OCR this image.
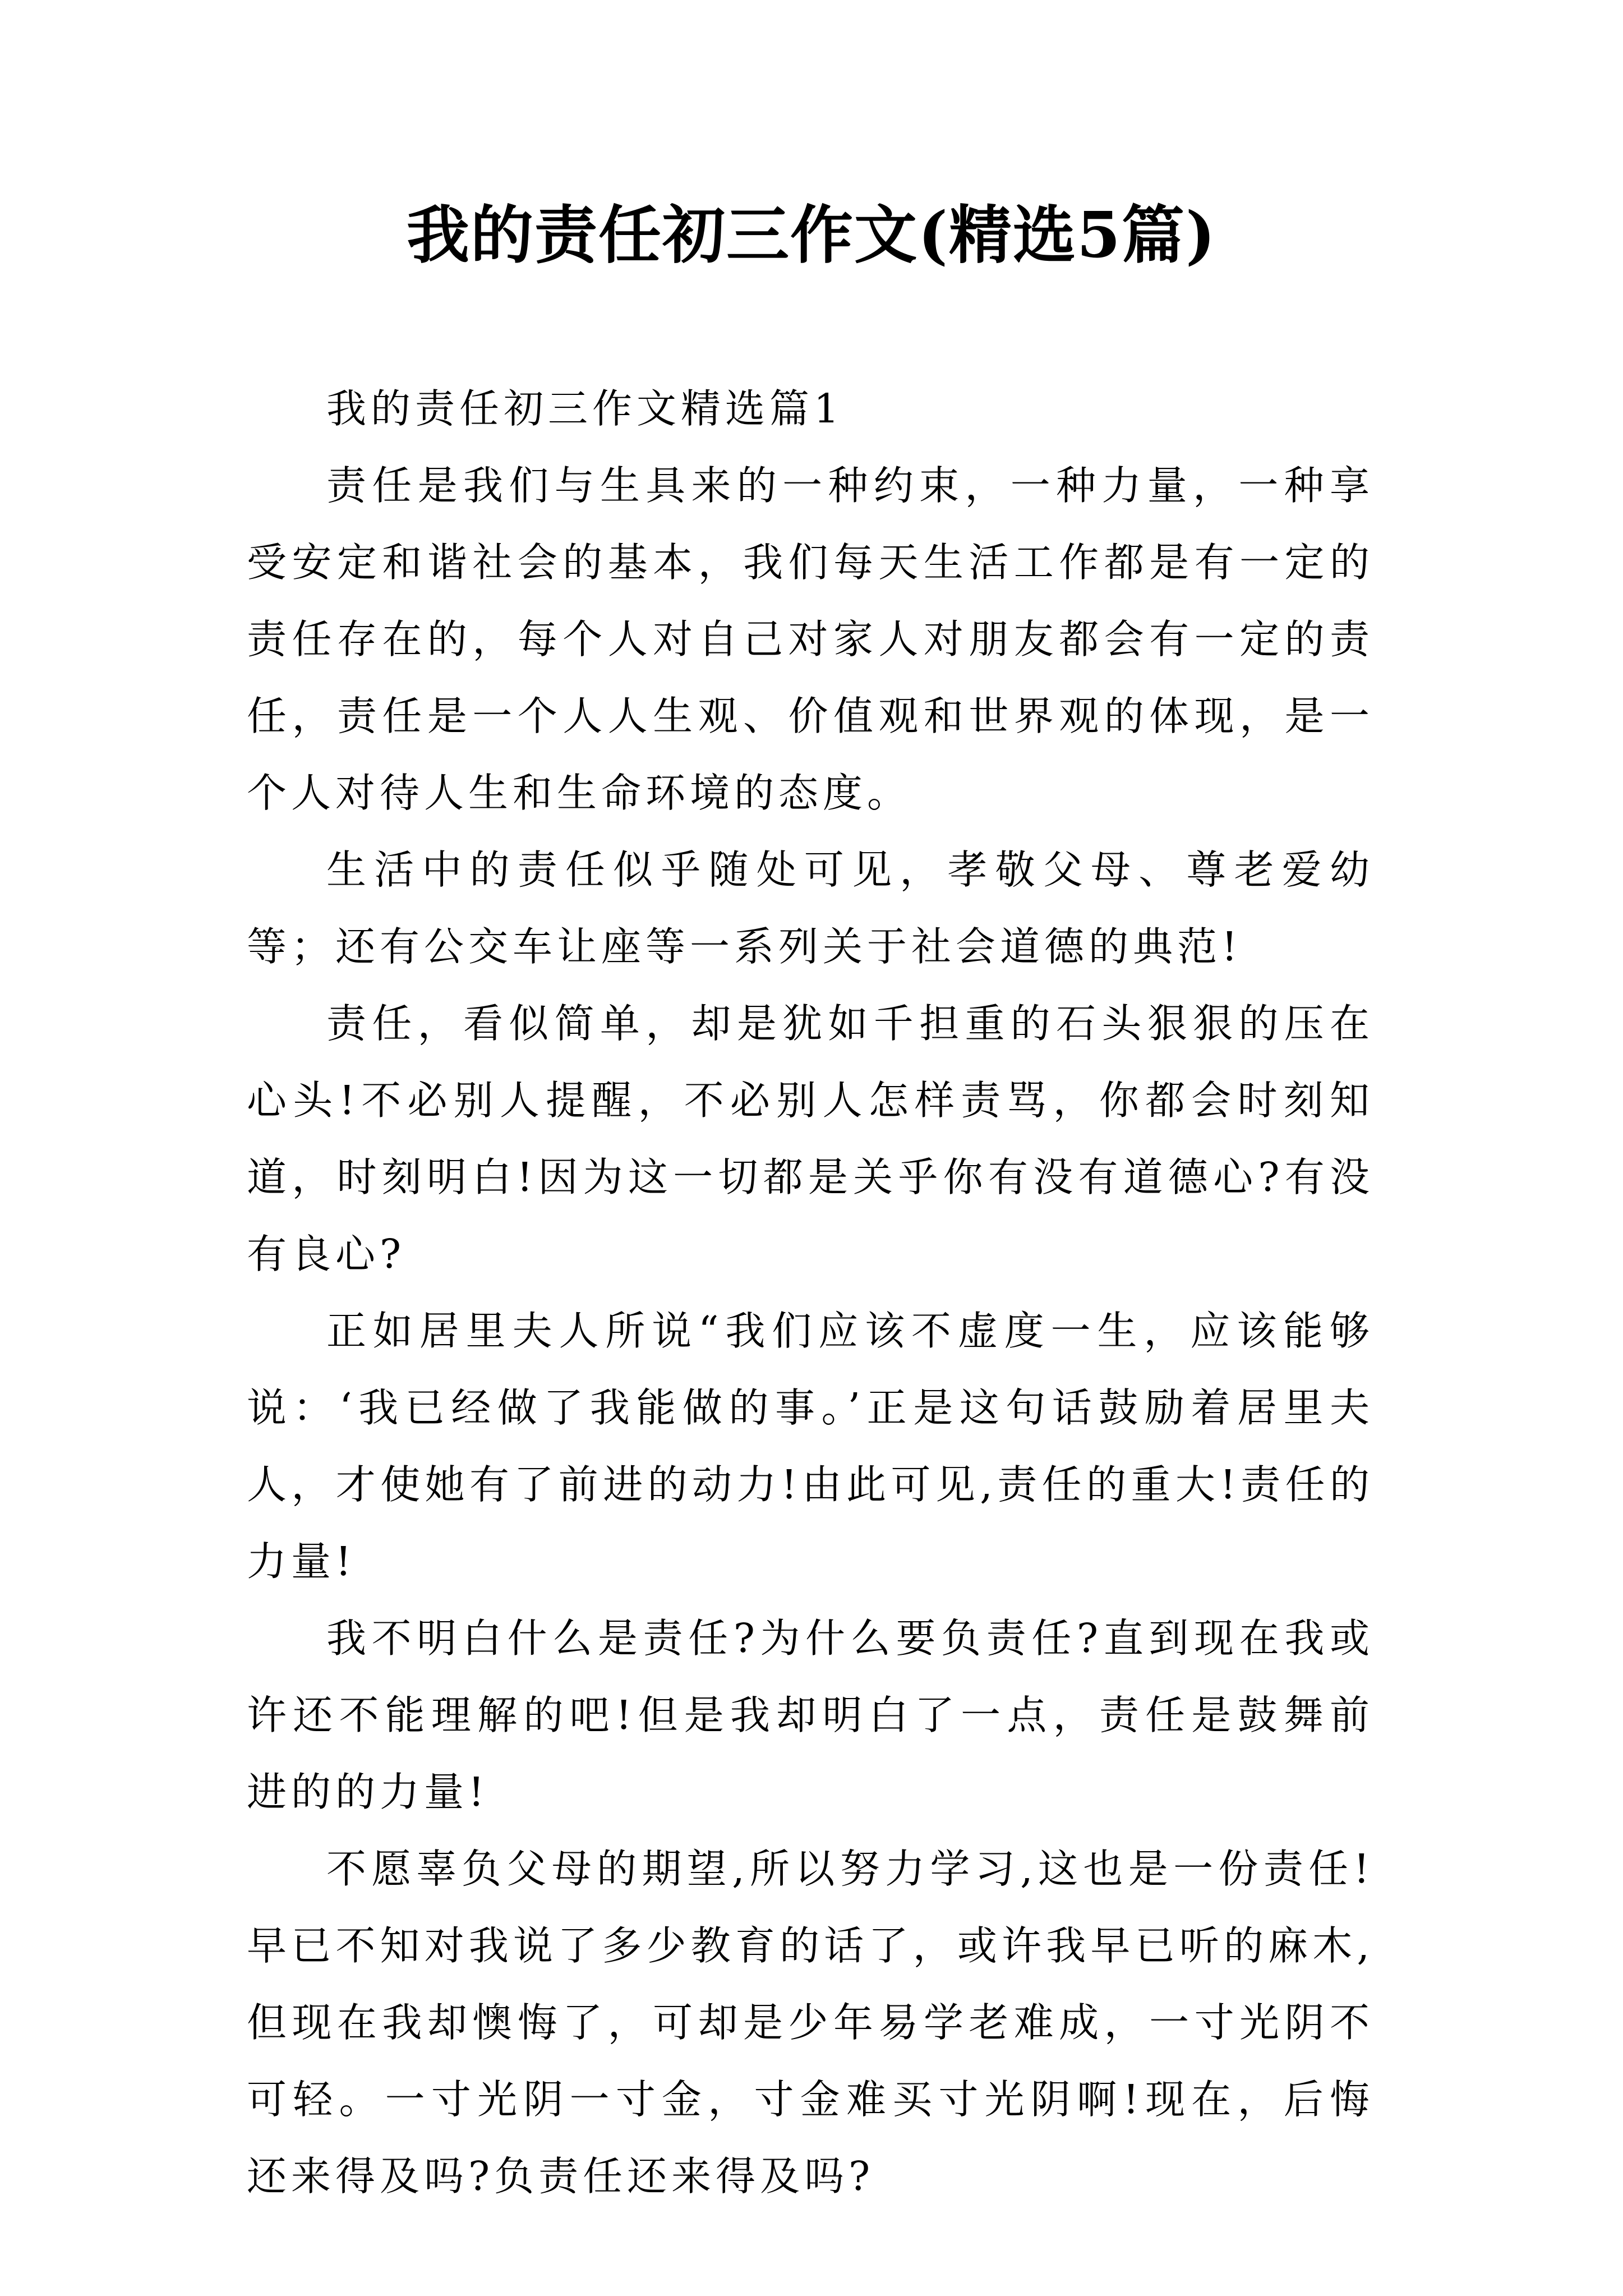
我的责任初三作文(精选5篇)

我的责任初三作文精选篇1

责任是我们与生具来的一种约束，一种力量，一种享受安定和谐社会的基本，我们每天生活工作都是有一定的责任存在的，每个人对自己对家人对朋友都会有一定的责任，责任是一个人人生观、价值观和世界观的体现，是一个人对待人生和生命环境的态度。

生活中的责任似乎随处可见，孝敬父母、尊老爱幼等；还有公交车让座等一系列关于社会道德的典范!

责任，看似简单，却是犹如千担重的石头狠狠的压在心头!不必别人提醒，不必别人怎样责骂，你都会时刻知道，时刻明白!因为这一切都是关乎你有没有道德心?有没有良心?

正如居里夫人所说“我们应该不虚度一生，应该能够说：‘我已经做了我能做的事。’正是这句话鼓励着居里夫人，才使她有了前进的动力!由此可见,责任的重大!责任的力量!

我不明白什么是责任?为什么要负责任?直到现在我或许还不能理解的吧!但是我却明白了一点，责任是鼓舞前进的的力量!

不愿辜负父母的期望,所以努力学习,这也是一份责任!早已不知对我说了多少教育的话了，或许我早已听的麻木,但现在我却懊悔了，可却是少年易学老难成，一寸光阴不可轻。一寸光阴一寸金，寸金难买寸光阴啊!现在，后悔还来得及吗?负责任还来得及吗?
